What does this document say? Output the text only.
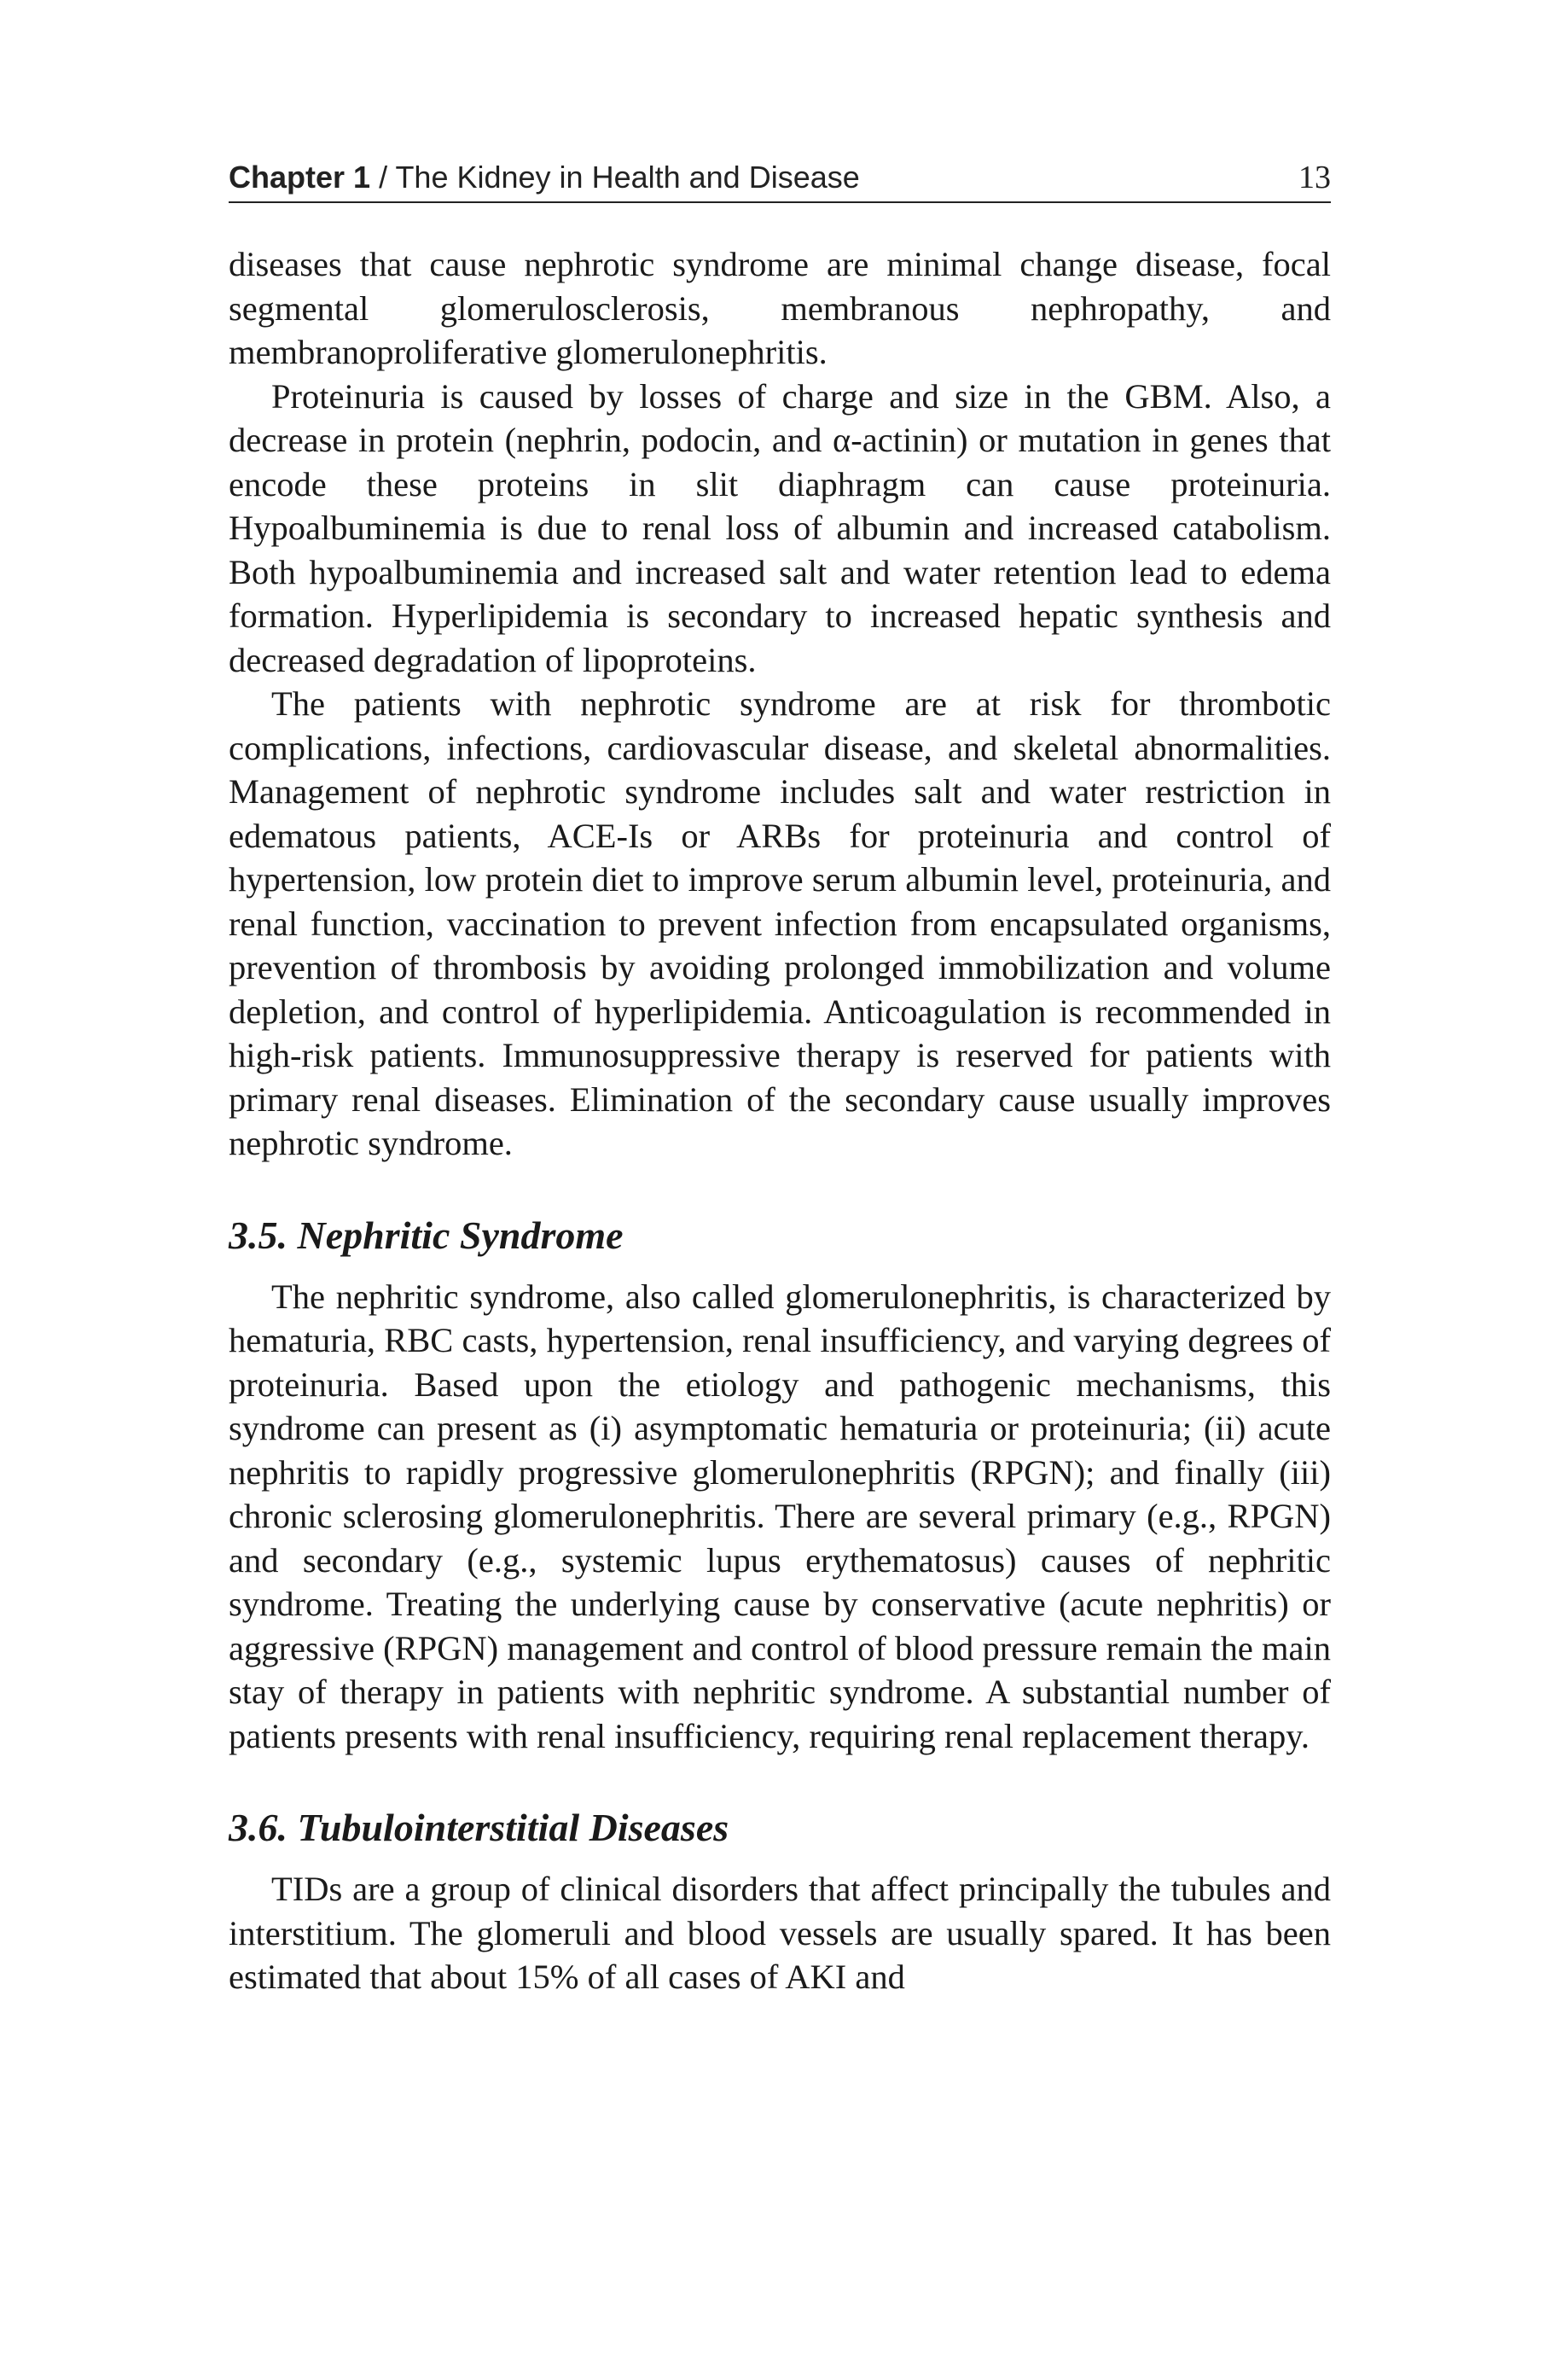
Chapter 1 / The Kidney in Health and Disease	13

diseases that cause nephrotic syndrome are minimal change disease, focal segmental glomerulosclerosis, membranous nephropathy, and membranoproliferative glomerulonephritis.

Proteinuria is caused by losses of charge and size in the GBM. Also, a decrease in protein (nephrin, podocin, and α-actinin) or mutation in genes that encode these proteins in slit diaphragm can cause proteinuria. Hypoalbuminemia is due to renal loss of albumin and increased catabolism. Both hypoalbuminemia and increased salt and water retention lead to edema formation. Hyperlipidemia is secondary to increased hepatic synthesis and decreased degradation of lipoproteins.

The patients with nephrotic syndrome are at risk for thrombotic complications, infections, cardiovascular disease, and skeletal abnormalities. Management of nephrotic syndrome includes salt and water restriction in edematous patients, ACE-Is or ARBs for proteinuria and control of hypertension, low protein diet to improve serum albumin level, proteinuria, and renal function, vaccination to prevent infection from encapsulated organisms, prevention of thrombosis by avoiding prolonged immobilization and volume depletion, and control of hyperlipidemia. Anticoagulation is recommended in high-risk patients. Immunosuppressive therapy is reserved for patients with primary renal diseases. Elimination of the secondary cause usually improves nephrotic syndrome.

3.5. Nephritic Syndrome

The nephritic syndrome, also called glomerulonephritis, is characterized by hematuria, RBC casts, hypertension, renal insufficiency, and varying degrees of proteinuria. Based upon the etiology and pathogenic mechanisms, this syndrome can present as (i) asymptomatic hematuria or proteinuria; (ii) acute nephritis to rapidly progressive glomerulonephritis (RPGN); and finally (iii) chronic sclerosing glomerulonephritis. There are several primary (e.g., RPGN) and secondary (e.g., systemic lupus erythematosus) causes of nephritic syndrome. Treating the underlying cause by conservative (acute nephritis) or aggressive (RPGN) management and control of blood pressure remain the main stay of therapy in patients with nephritic syndrome. A substantial number of patients presents with renal insufficiency, requiring renal replacement therapy.

3.6. Tubulointerstitial Diseases

TIDs are a group of clinical disorders that affect principally the tubules and interstitium. The glomeruli and blood vessels are usually spared. It has been estimated that about 15% of all cases of AKI and
